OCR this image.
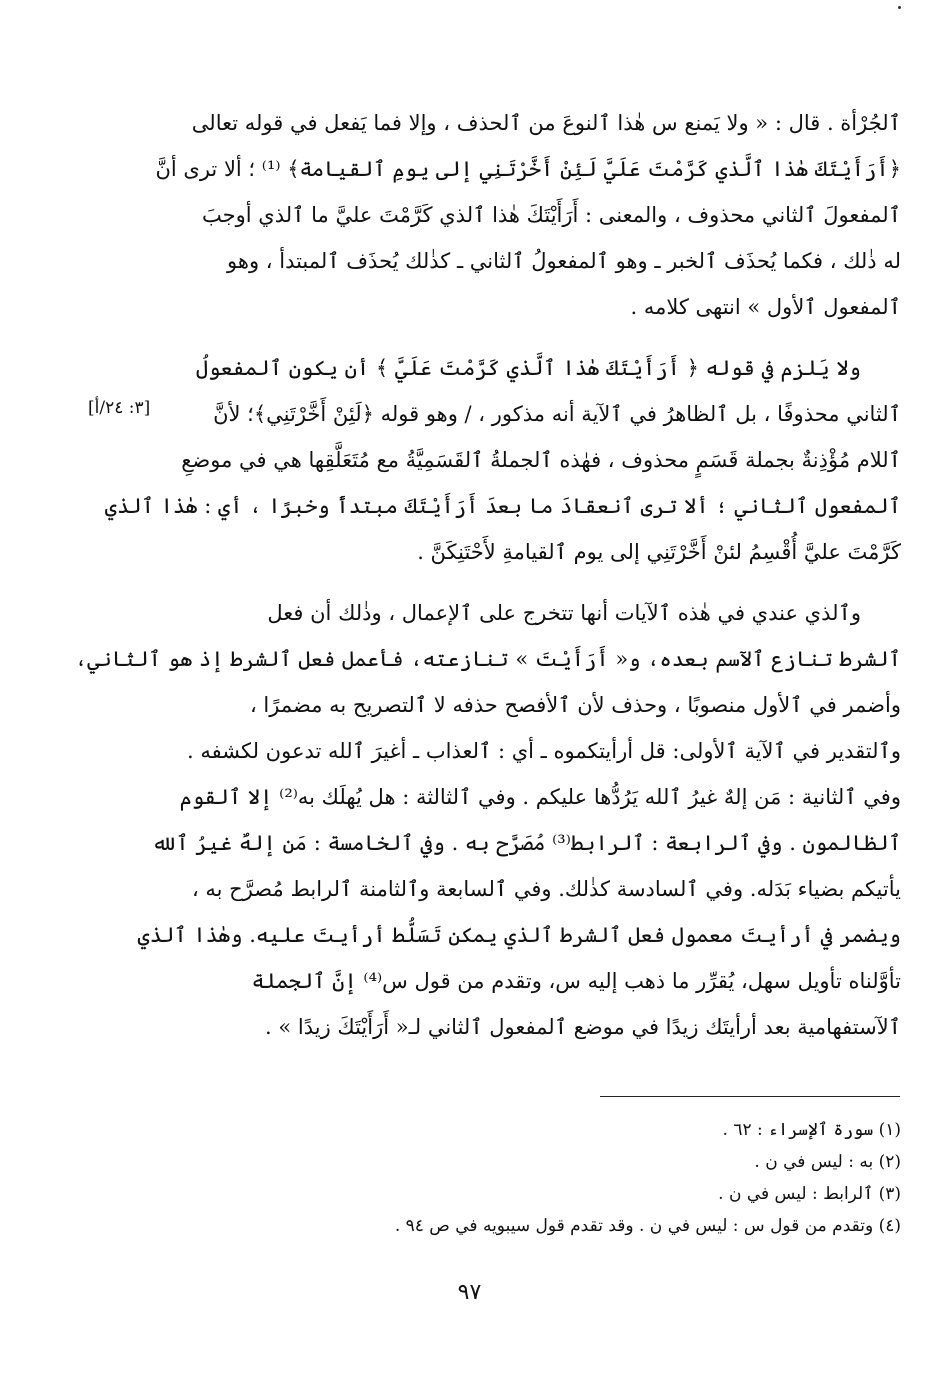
ٱلجُرْأة . قال : « ولا يَمنع س هٰذا ٱلنوعَ من ٱلحذف ، وإلا فما يَفعل في قوله تعالى
﴿أَرَأَيْتَكَ هٰذا ٱلَّذي كَرَّمْتَ عَلَيَّ لَئِنْ أَخَّرْتَنِي إلى يومِ ٱلقيامة﴾ ⁽¹⁾ ؛ ألا ترى أنَّ
ٱلمفعولَ ٱلثاني محذوف ، والمعنى : أَرَأَيْتَكَ هٰذا ٱلذي كَرَّمْتَ عليَّ ما ٱلذي أوجبَ
له ذٰلك ، فكما يُحذَف ٱلخبر ـ وهو ٱلمفعولُ ٱلثاني ـ كذٰلك يُحذَف ٱلمبتدأ ، وهو
ٱلمفعول ٱلأول » انتهى كلامه .
ولا يَلزم في قوله ﴿ أَرَأَيْتَكَ هٰذا ٱلَّذي كَرَّمْتَ عَلَيَّ ﴾ أن يكون ٱلمفعولُ
ٱلثاني محذوفًا ، بل ٱلظاهرُ في ٱلآية أنه مذكور ، / وهو قوله ﴿لَئِنْ أَخَّرْتَنِي﴾؛ لأنَّ
ٱللام مُؤْذِنةٌ بجملة قَسَمٍ محذوف ، فهٰذه ٱلجملةُ ٱلقَسَمِيَّةُ مع مُتَعَلَّقِها هي في موضعِ
ٱلمفعول ٱلثاني ؛ ألا ترى ٱنعقادَ ما بعدَ أَرَأَيْتَكَ مبتدأً وخبرًا ، أي : هٰذا ٱلذي
كَرَّمْتَ عليَّ أُقْسِمُ لئنْ أَخَّرْتَنِي إلى يوم ٱلقيامةِ لأَحْتَنِكَنَّ .
[٣: ٢٤/أ]
وٱلذي عندي في هٰذه ٱلآيات أنها تتخرج على ٱلإعمال ، وذٰلك أن فعل
ٱلشرط تنازع ٱلآسم بعده، و« أَرَأَيْتَ » تنازعته، فأعمل فعل ٱلشرط إذ هو ٱلثاني،
وأضمر في ٱلأول منصوبًا ، وحذف لأن ٱلأفصح حذفه لا ٱلتصريح به مضمرًا ،
وٱلتقدير في ٱلآية ٱلأولى: قل أرأيتكموه ـ أي : ٱلعذاب ـ أغيرَ ٱلله تدعون لكشفه .
وفي ٱلثانية : مَن إلهٌ غيرُ ٱلله يَرُدُّها عليكم . وفي ٱلثالثة : هل يُهلَك به⁽²⁾ إلا ٱلقوم
ٱلظالمون . وفي ٱلرابعة : ٱلرابط⁽³⁾ مُصَرَّح به . وفي ٱلخامسة : مَن إلهٌ غيرُ ٱلله
يأتيكم بضياء بَدَله. وفي ٱلسادسة كذٰلك. وفي ٱلسابعة وٱلثامنة ٱلرابط مُصرَّح به ،
ويضمر في أرأيتَ معمول فعل ٱلشرط ٱلذي يمكن تَسَلُّط أرأيتَ عليه. وهٰذا ٱلذي
تأوَّلناه تأويل سهل، يُقرِّر ما ذهب إليه س، وتقدم من قول س⁽⁴⁾ إنَّ ٱلجملة
ٱلآستفهامية بعد أرأيتَك زيدًا في موضع ٱلمفعول ٱلثاني لـ« أَرَأَيْتَكَ زيدًا » .
(١) سورة ٱلإسراء : ٦٢ .
(٢) به : ليس في ن .
(٣) ٱلرابط : ليس في ن .
(٤) وتقدم من قول س : ليس في ن . وقد تقدم قول سيبويه في ص ٩٤ .
٩٧
